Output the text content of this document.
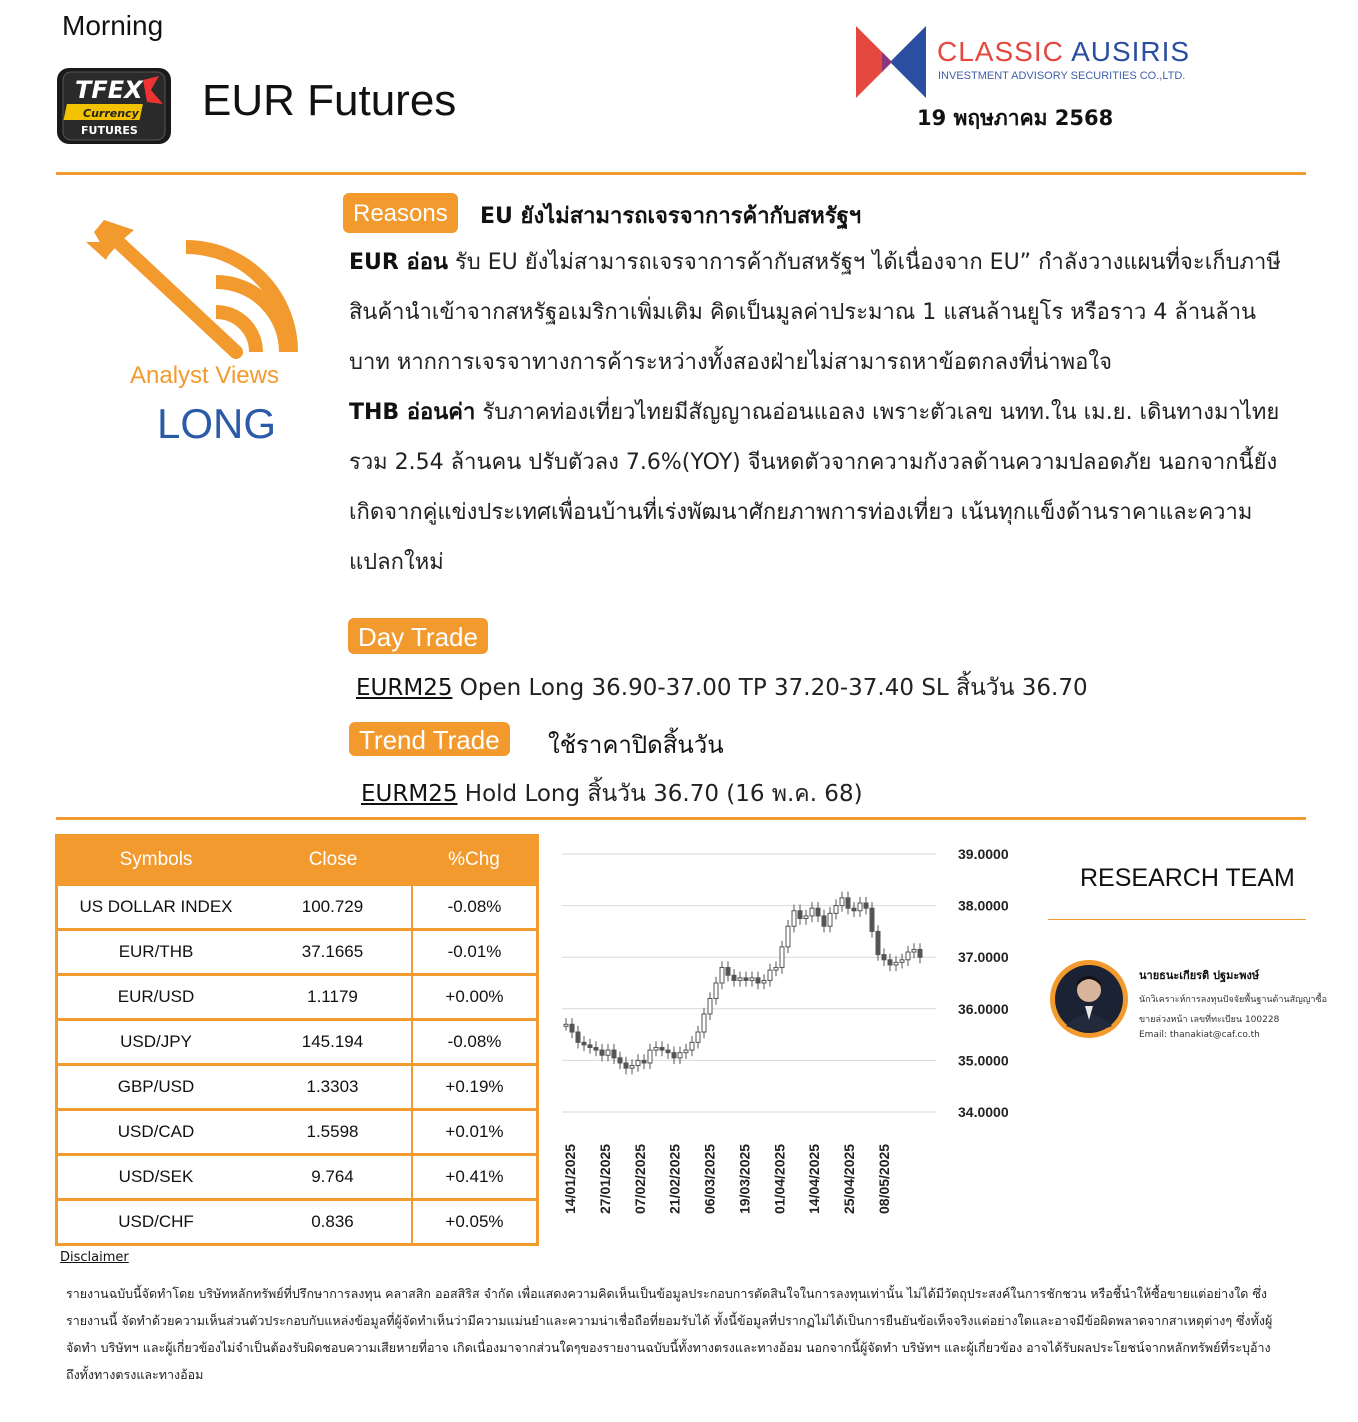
Morning
TFEX
Currency
FUTURES
EUR Futures
CLASSIC AUSIRIS
INVESTMENT ADVISORY SECURITIES CO.,LTD.
19 พฤษภาคม 2568
Analyst Views
LONG
Reasons	EU ยังไม่สามารถเจรจาการค้ากับสหรัฐฯ
EUR อ่อน รับ EU ยังไม่สามารถเจรจาการค้ากับสหรัฐฯ ได้เนื่องจาก EU” กำลังวางแผนที่จะเก็บภาษีสินค้านำเข้าจากสหรัฐอเมริกาเพิ่มเติม คิดเป็นมูลค่าประมาณ 1 แสนล้านยูโร หรือราว 4 ล้านล้านบาท หากการเจรจาทางการค้าระหว่างทั้งสองฝ่ายไม่สามารถหาข้อตกลงที่น่าพอใจ
THB อ่อนค่า รับภาคท่องเที่ยวไทยมีสัญญาณอ่อนแอลง เพราะตัวเลข นทท.ใน เม.ย. เดินทางมาไทยรวม 2.54 ล้านคน ปรับตัวลง 7.6%(YOY) จีนหดตัวจากความกังวลด้านความปลอดภัย นอกจากนี้ยังเกิดจากคู่แข่งประเทศเพื่อนบ้านที่เร่งพัฒนาศักยภาพการท่องเที่ยว เน้นทุกแข็งด้านราคาและความแปลกใหม่
Day Trade
EURM25 Open Long 36.90-37.00 TP 37.20-37.40 SL สิ้นวัน 36.70
Trend Trade	ใช้ราคาปิดสิ้นวัน
EURM25 Hold Long สิ้นวัน 36.70 (16 พ.ค. 68)
Symbols	Close	%Chg
US DOLLAR INDEX	100.729	-0.08%
EUR/THB	37.1665	-0.01%
EUR/USD	1.1179	+0.00%
USD/JPY	145.194	-0.08%
GBP/USD	1.3303	+0.19%
USD/CAD	1.5598	+0.01%
USD/SEK	9.764	+0.41%
USD/CHF	0.836	+0.05%
39.0000
38.0000
37.0000
36.0000
35.0000
34.0000
14/01/2025 27/01/2025 07/02/2025 21/02/2025 06/03/2025 19/03/2025 01/04/2025 14/04/2025 25/04/2025 08/05/2025
RESEARCH TEAM
นายธนะเกียรติ ปฐมะพงษ์
นักวิเคราะห์การลงทุนปัจจัยพื้นฐานด้านสัญญาซื้อขายล่วงหน้า เลขที่ทะเบียน 100228
Email: thanakiat@caf.co.th
Disclaimer
รายงานฉบับนี้จัดทำโดย บริษัทหลักทรัพย์ที่ปรึกษาการลงทุน คลาสสิก ออสสิริส จำกัด เพื่อแสดงความคิดเห็นเป็นข้อมูลประกอบการตัดสินใจในการลงทุนเท่านั้น ไม่ได้มีวัตถุประสงค์ในการชักชวน หรือชี้นำให้ซื้อขายแต่อย่างใด ซึ่งรายงานนี้ จัดทำด้วยความเห็นส่วนตัวประกอบกับแหล่งข้อมูลที่ผู้จัดทำเห็นว่ามีความแม่นยำและความน่าเชื่อถือที่ยอมรับได้ ทั้งนี้ข้อมูลที่ปรากฏไม่ได้เป็นการยืนยันข้อเท็จจริงแต่อย่างใดและอาจมีข้อผิดพลาดจากสาเหตุต่างๆ ซึ่งทั้งผู้จัดทำ บริษัทฯ และผู้เกี่ยวข้องไม่จำเป็นต้องรับผิดชอบความเสียหายที่อาจ เกิดเนื่องมาจากส่วนใดๆของรายงานฉบับนี้ทั้งทางตรงและทางอ้อม นอกจากนี้ผู้จัดทำ บริษัทฯ และผู้เกี่ยวข้อง อาจได้รับผลประโยชน์จากหลักทรัพย์ที่ระบุอ้างถึงทั้งทางตรงและทางอ้อม
